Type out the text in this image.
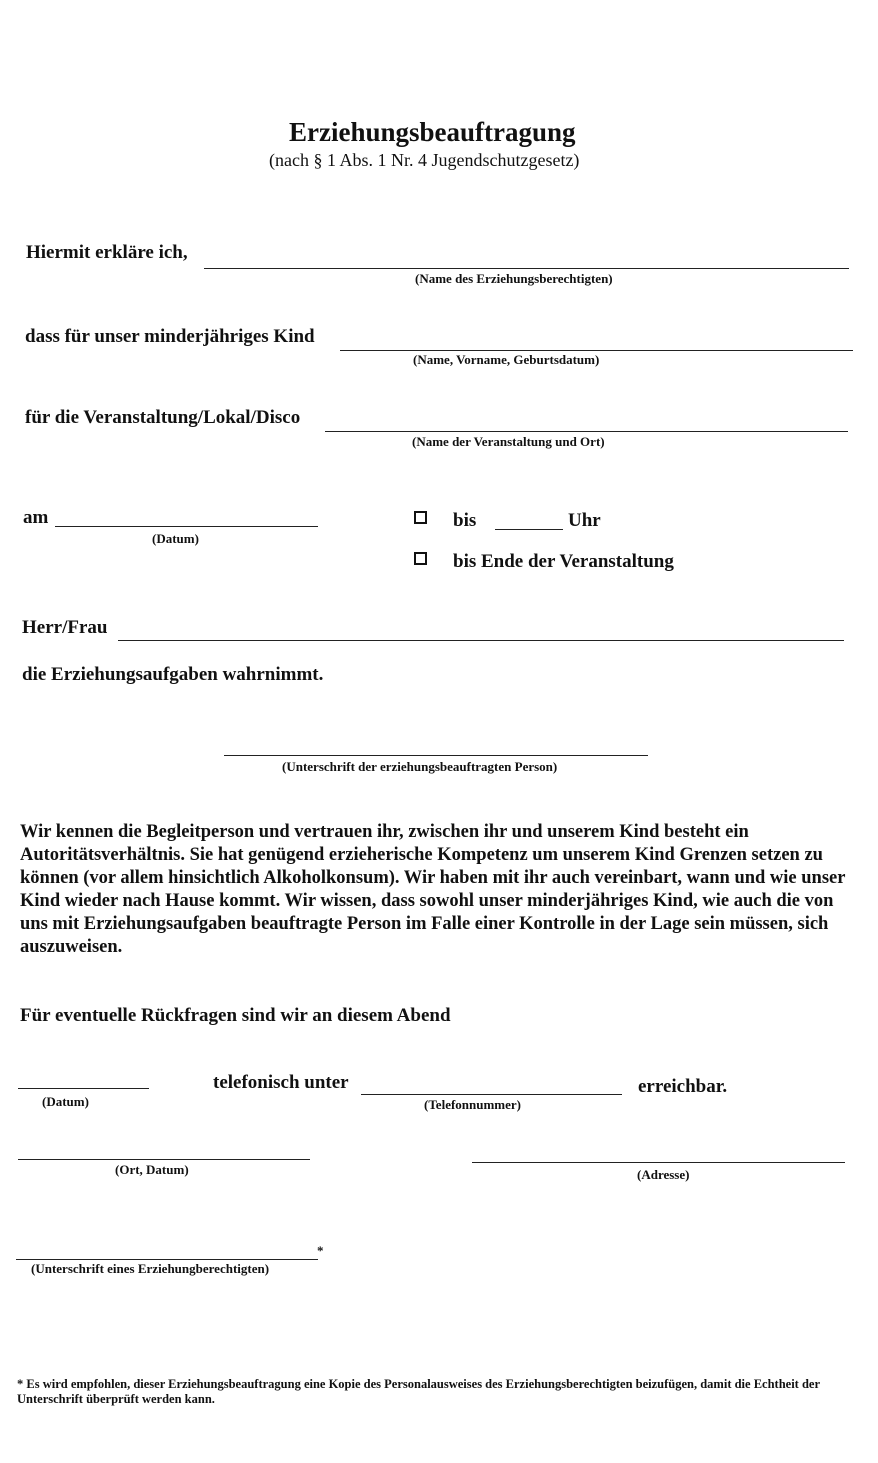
Erziehungsbeauftragung
(nach § 1 Abs. 1 Nr. 4 Jugendschutzgesetz)
Hiermit erkläre ich,
(Name des Erziehungsberechtigten)
dass für unser minderjähriges Kind
(Name, Vorname, Geburtsdatum)
für die Veranstaltung/Lokal/Disco
(Name der Veranstaltung und Ort)
am
(Datum)
bis	Uhr
bis Ende der Veranstaltung
Herr/Frau
die Erziehungsaufgaben wahrnimmt.
(Unterschrift der erziehungsbeauftragten Person)
Wir kennen die Begleitperson und vertrauen ihr, zwischen ihr und unserem Kind besteht ein Autoritätsverhältnis. Sie hat genügend erzieherische Kompetenz um unserem Kind Grenzen setzen zu können (vor allem hinsichtlich Alkoholkonsum). Wir haben mit ihr auch vereinbart, wann und wie unser Kind wieder nach Hause kommt. Wir wissen, dass sowohl unser minderjähriges Kind, wie auch die von uns mit Erziehungsaufgaben beauftragte Person im Falle einer Kontrolle in der Lage sein müssen, sich auszuweisen.
Für eventuelle Rückfragen sind wir an diesem Abend
(Datum)
telefonisch unter
(Telefonnummer)
erreichbar.
(Ort, Datum)	(Adresse)
*
(Unterschrift eines Erziehungberechtigten)
* Es wird empfohlen, dieser Erziehungsbeauftragung eine Kopie des Personalausweises des Erziehungsberechtigten beizufügen, damit die Echtheit der Unterschrift überprüft werden kann.
